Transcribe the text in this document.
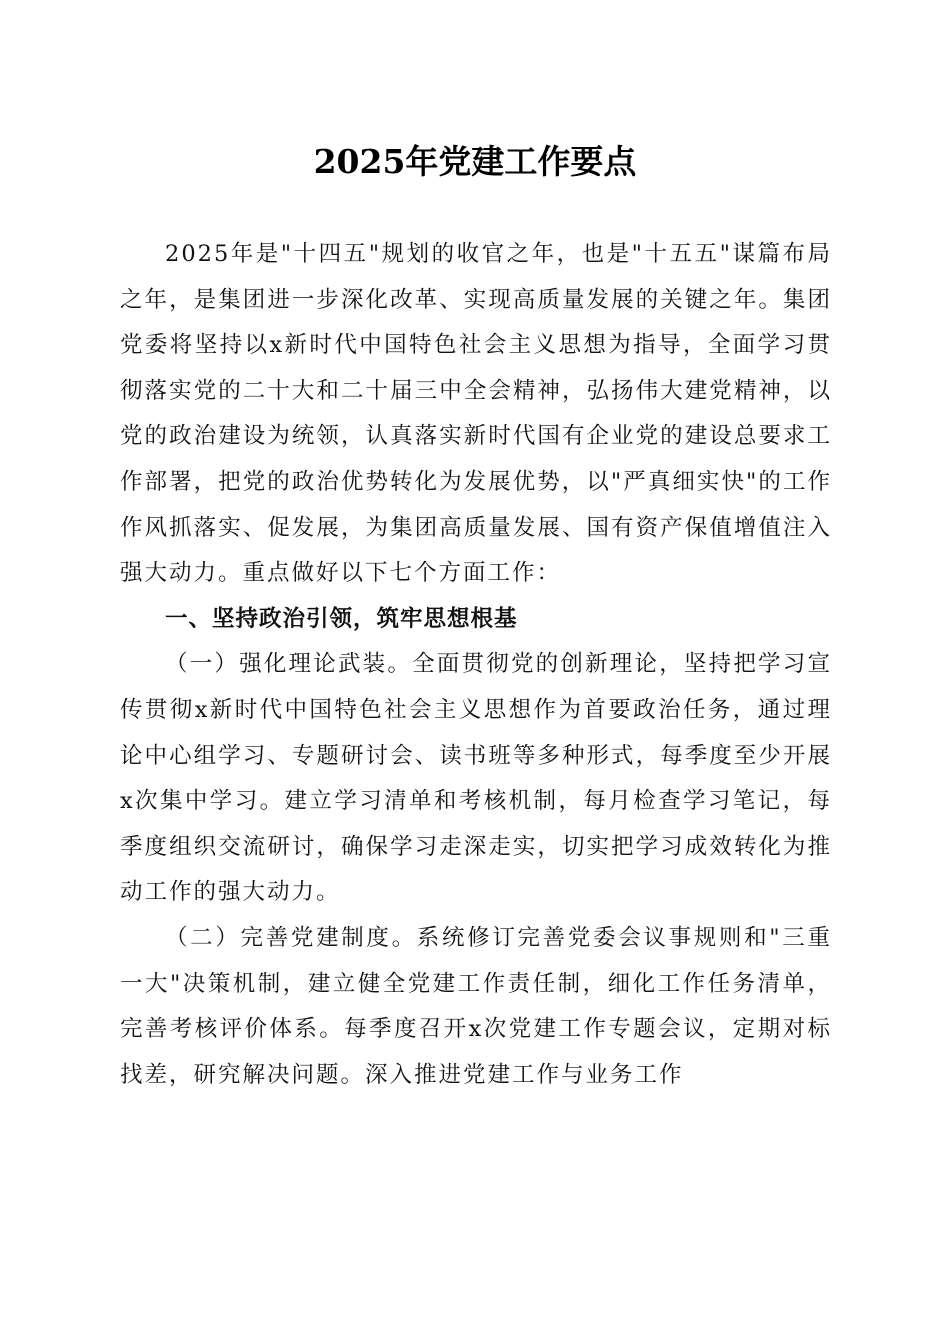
2025年党建工作要点

2025年是"十四五"规划的收官之年，也是"十五五"谋篇布局之年，是集团进一步深化改革、实现高质量发展的关键之年。集团党委将坚持以x新时代中国特色社会主义思想为指导，全面学习贯彻落实党的二十大和二十届三中全会精神，弘扬伟大建党精神，以党的政治建设为统领，认真落实新时代国有企业党的建设总要求工作部署，把党的政治优势转化为发展优势，以"严真细实快"的工作作风抓落实、促发展，为集团高质量发展、国有资产保值增值注入强大动力。重点做好以下七个方面工作：

一、坚持政治引领，筑牢思想根基

（一）强化理论武装。全面贯彻党的创新理论，坚持把学习宣传贯彻x新时代中国特色社会主义思想作为首要政治任务，通过理论中心组学习、专题研讨会、读书班等多种形式，每季度至少开展x次集中学习。建立学习清单和考核机制，每月检查学习笔记，每季度组织交流研讨，确保学习走深走实，切实把学习成效转化为推动工作的强大动力。

（二）完善党建制度。系统修订完善党委会议事规则和"三重一大"决策机制，建立健全党建工作责任制，细化工作任务清单，完善考核评价体系。每季度召开x次党建工作专题会议，定期对标找差，研究解决问题。深入推进党建工作与业务工作
